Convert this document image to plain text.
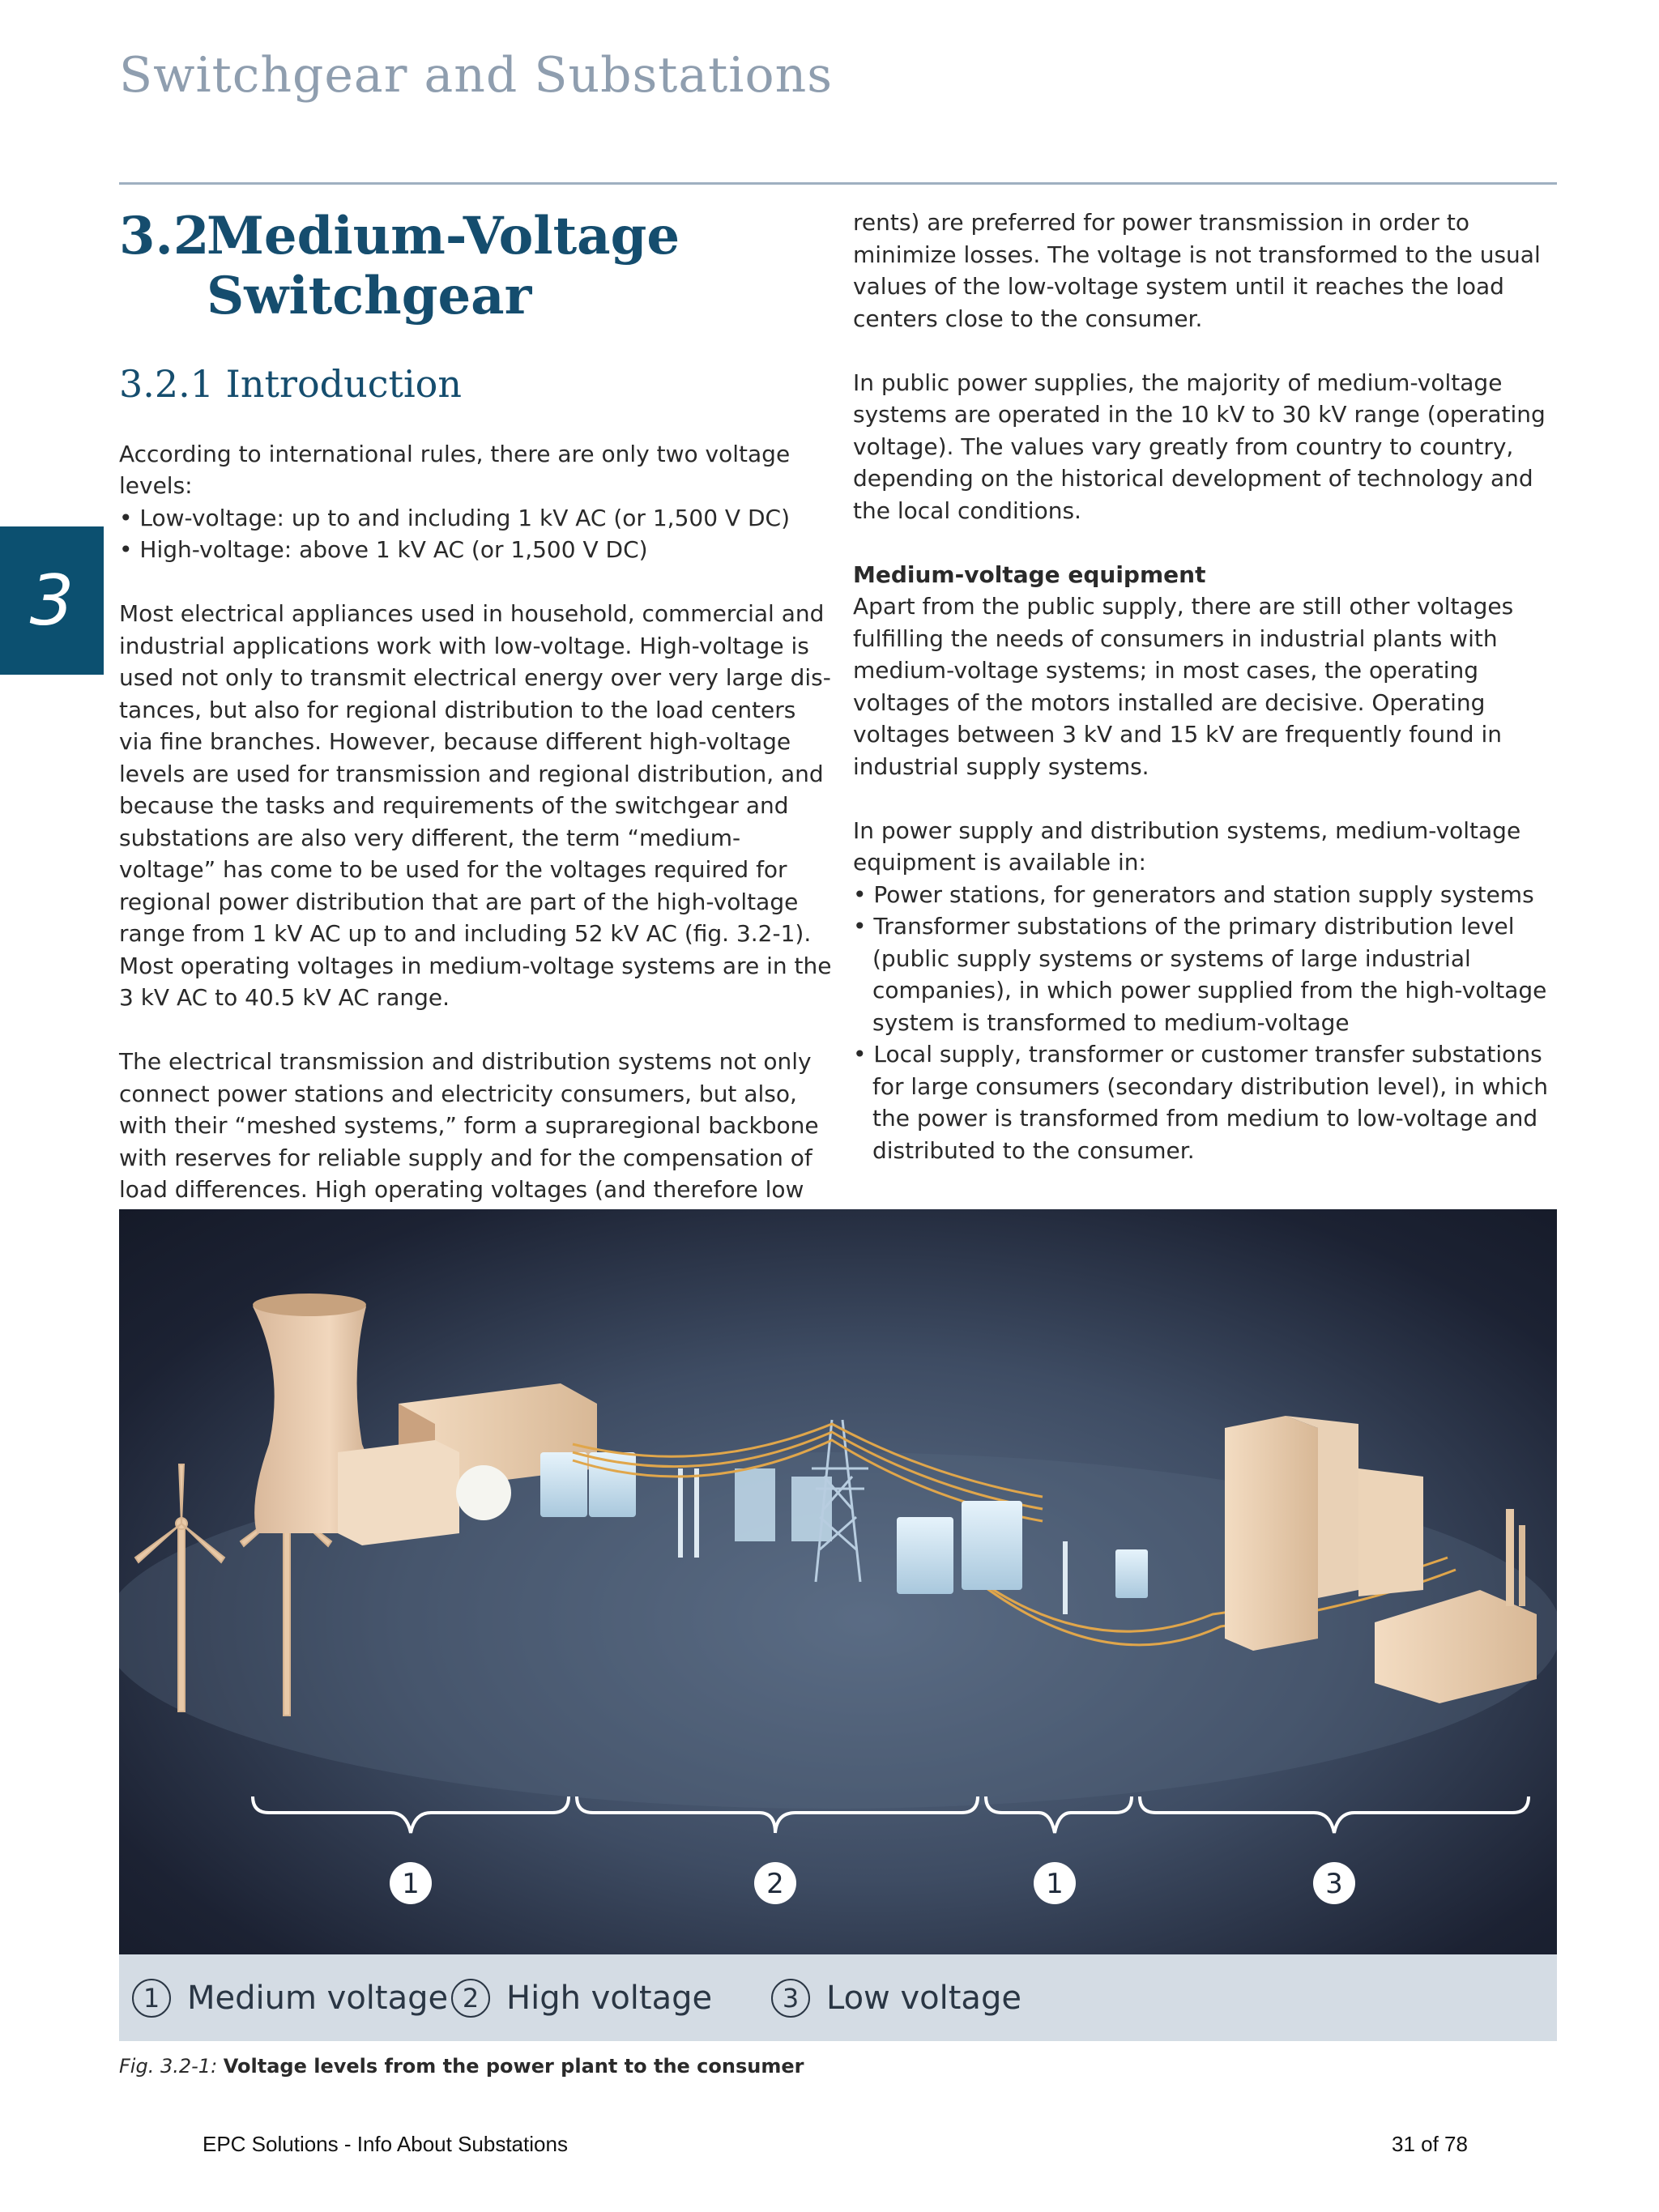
Switchgear and Substations
3
3.2Medium-Voltage
Switchgear
3.2.1 Introduction

According to international rules, there are only two voltage levels:
• Low-voltage: up to and including 1 kV AC (or 1,500 V DC)
• High-voltage: above 1 kV AC (or 1,500 V DC)

Most electrical appliances used in household, commercial and industrial applications work with low-voltage. High-voltage is used not only to transmit electrical energy over very large distances, but also for regional distribution to the load centers via fine branches. However, because different high-voltage levels are used for transmission and regional distribution, and because the tasks and requirements of the switchgear and substations are also very different, the term “medium-voltage” has come to be used for the voltages required for regional power distribution that are part of the high-voltage range from 1 kV AC up to and including 52 kV AC (fig. 3.2-1). Most operating voltages in medium-voltage systems are in the 3 kV AC to 40.5 kV AC range.

The electrical transmission and distribution systems not only connect power stations and electricity consumers, but also, with their “meshed systems,” form a supraregional backbone with reserves for reliable supply and for the compensation of load differences. High operating voltages (and therefore low

rents) are preferred for power transmission in order to minimize losses. The voltage is not transformed to the usual values of the low-voltage system until it reaches the load centers close to the consumer.

In public power supplies, the majority of medium-voltage systems are operated in the 10 kV to 30 kV range (operating voltage). The values vary greatly from country to country, depending on the historical development of technology and the local conditions.

Medium-voltage equipment
Apart from the public supply, there are still other voltages fulfilling the needs of consumers in industrial plants with medium-voltage systems; in most cases, the operating voltages of the motors installed are decisive. Operating voltages between 3 kV and 15 kV are frequently found in industrial supply systems.

In power supply and distribution systems, medium-voltage equipment is available in:
• Power stations, for generators and station supply systems
• Transformer substations of the primary distribution level (public supply systems or systems of large industrial companies), in which power supplied from the high-voltage system is transformed to medium-voltage
• Local supply, transformer or customer transfer substations for large consumers (secondary distribution level), in which the power is transformed from medium to low-voltage and distributed to the consumer.

1	2	1	3
1 Medium voltage 2 High voltage	3 Low voltage
Fig. 3.2-1: Voltage levels from the power plant to the consumer
EPC Solutions - Info About Substations	31 of 78
